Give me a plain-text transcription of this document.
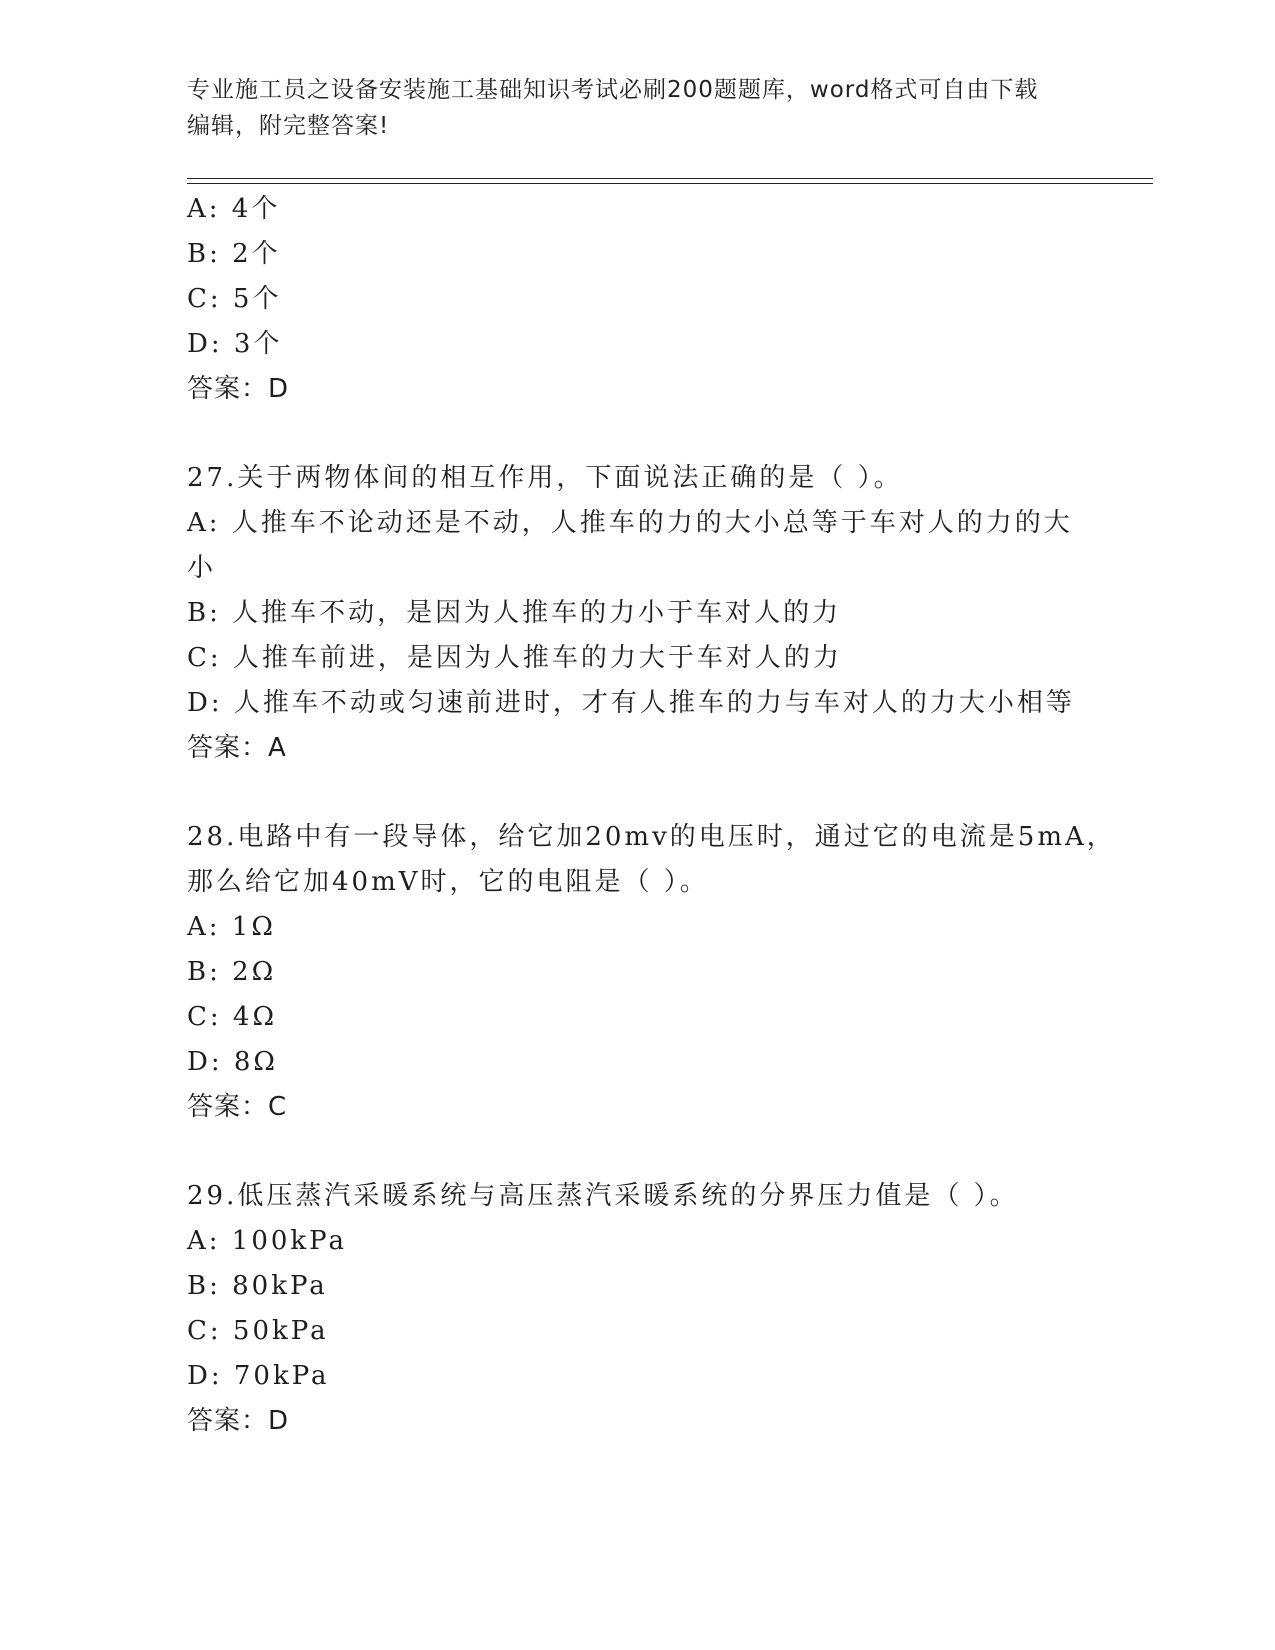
专业施工员之设备安装施工基础知识考试必刷200题题库，word格式可自由下载
编辑，附完整答案!
A: 4个
B: 2个
C: 5个
D: 3个
答案：D
27.关于两物体间的相互作用，下面说法正确的是（ ）。
A: 人推车不论动还是不动，人推车的力的大小总等于车对人的力的大
小
B: 人推车不动，是因为人推车的力小于车对人的力
C: 人推车前进，是因为人推车的力大于车对人的力
D: 人推车不动或匀速前进时，才有人推车的力与车对人的力大小相等
答案：A
28.电路中有一段导体，给它加20mv的电压时，通过它的电流是5mA，
那么给它加40mV时，它的电阻是（ ）。
A: 1Ω
B: 2Ω
C: 4Ω
D: 8Ω
答案：C
29.低压蒸汽采暖系统与高压蒸汽采暖系统的分界压力值是（ ）。
A: 100kPa
B: 80kPa
C: 50kPa
D: 70kPa
答案：D
